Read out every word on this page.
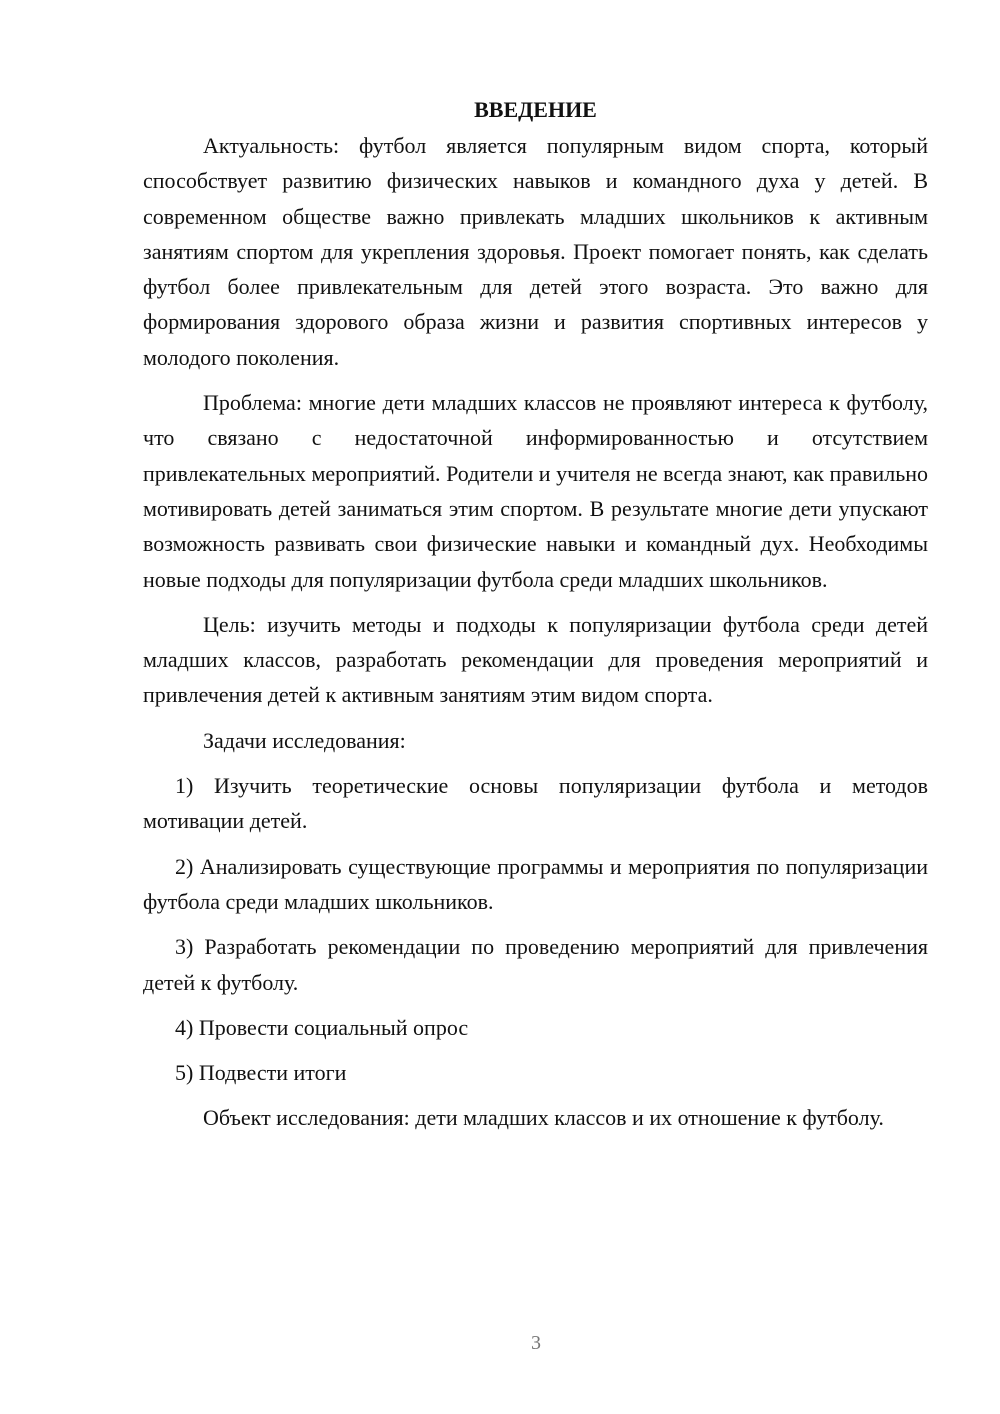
ВВЕДЕНИЕ

Актуальность: футбол является популярным видом спорта, который способствует развитию физических навыков и командного духа у детей. В современном обществе важно привлекать младших школьников к активным занятиям спортом для укрепления здоровья. Проект помогает понять, как сделать футбол более привлекательным для детей этого возраста. Это важно для формирования здорового образа жизни и развития спортивных интересов у молодого поколения.

Проблема: многие дети младших классов не проявляют интереса к футболу, что связано с недостаточной информированностью и отсутствием привлекательных мероприятий. Родители и учителя не всегда знают, как правильно мотивировать детей заниматься этим спортом. В результате многие дети упускают возможность развивать свои физические навыки и командный дух. Необходимы новые подходы для популяризации футбола среди младших школьников.

Цель: изучить методы и подходы к популяризации футбола среди детей младших классов, разработать рекомендации для проведения мероприятий и привлечения детей к активным занятиям этим видом спорта.

Задачи исследования:

1) Изучить теоретические основы популяризации футбола и методов мотивации детей.

2) Анализировать существующие программы и мероприятия по популяризации футбола среди младших школьников.

3) Разработать рекомендации по проведению мероприятий для привлечения детей к футболу.

4) Провести социальный опрос

5) Подвести итоги

Объект исследования: дети младших классов и их отношение к футболу.

3
